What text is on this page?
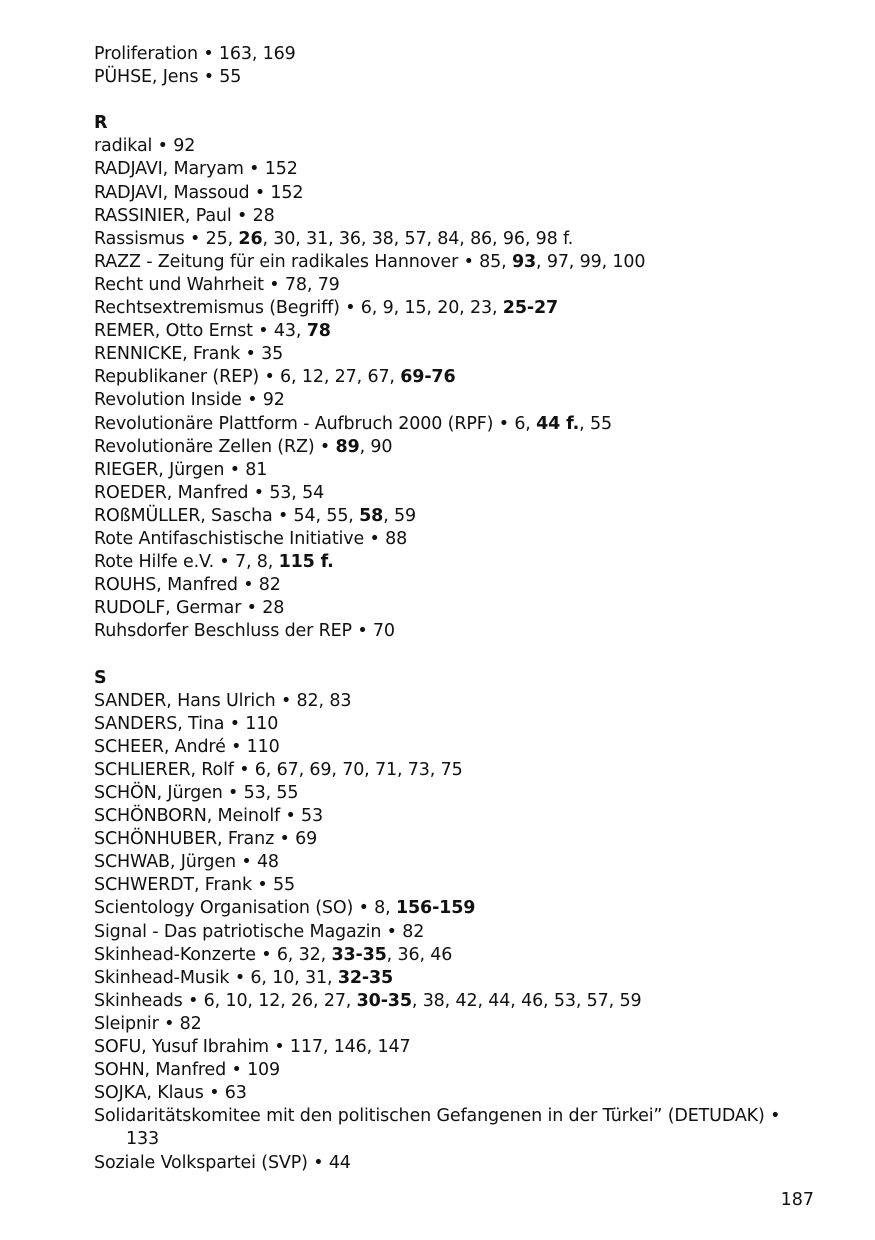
Proliferation • 163, 169
PÜHSE, Jens • 55
R
radikal • 92
RADJAVI, Maryam • 152
RADJAVI, Massoud • 152
RASSINIER, Paul • 28
Rassismus • 25, 26, 30, 31, 36, 38, 57, 84, 86, 96, 98 f.
RAZZ - Zeitung für ein radikales Hannover • 85, 93, 97, 99, 100
Recht und Wahrheit • 78, 79
Rechtsextremismus (Begriff) • 6, 9, 15, 20, 23, 25-27
REMER, Otto Ernst • 43, 78
RENNICKE, Frank • 35
Republikaner (REP) • 6, 12, 27, 67, 69-76
Revolution Inside • 92
Revolutionäre Plattform - Aufbruch 2000 (RPF) • 6, 44 f., 55
Revolutionäre Zellen (RZ) • 89, 90
RIEGER, Jürgen • 81
ROEDER, Manfred • 53, 54
ROßMÜLLER, Sascha • 54, 55, 58, 59
Rote Antifaschistische Initiative • 88
Rote Hilfe e.V. • 7, 8, 115 f.
ROUHS, Manfred • 82
RUDOLF, Germar • 28
Ruhsdorfer Beschluss der REP • 70
S
SANDER, Hans Ulrich • 82, 83
SANDERS, Tina • 110
SCHEER, André • 110
SCHLIERER, Rolf • 6, 67, 69, 70, 71, 73, 75
SCHÖN, Jürgen • 53, 55
SCHÖNBORN, Meinolf • 53
SCHÖNHUBER, Franz • 69
SCHWAB, Jürgen • 48
SCHWERDT, Frank • 55
Scientology Organisation (SO) • 8, 156-159
Signal - Das patriotische Magazin • 82
Skinhead-Konzerte • 6, 32, 33-35, 36, 46
Skinhead-Musik • 6, 10, 31, 32-35
Skinheads • 6, 10, 12, 26, 27, 30-35, 38, 42, 44, 46, 53, 57, 59
Sleipnir • 82
SOFU, Yusuf Ibrahim • 117, 146, 147
SOHN, Manfred • 109
SOJKA, Klaus • 63
Solidaritätskomitee mit den politischen Gefangenen in der Türkei” (DETUDAK) • 133
Soziale Volkspartei (SVP) • 44
187
